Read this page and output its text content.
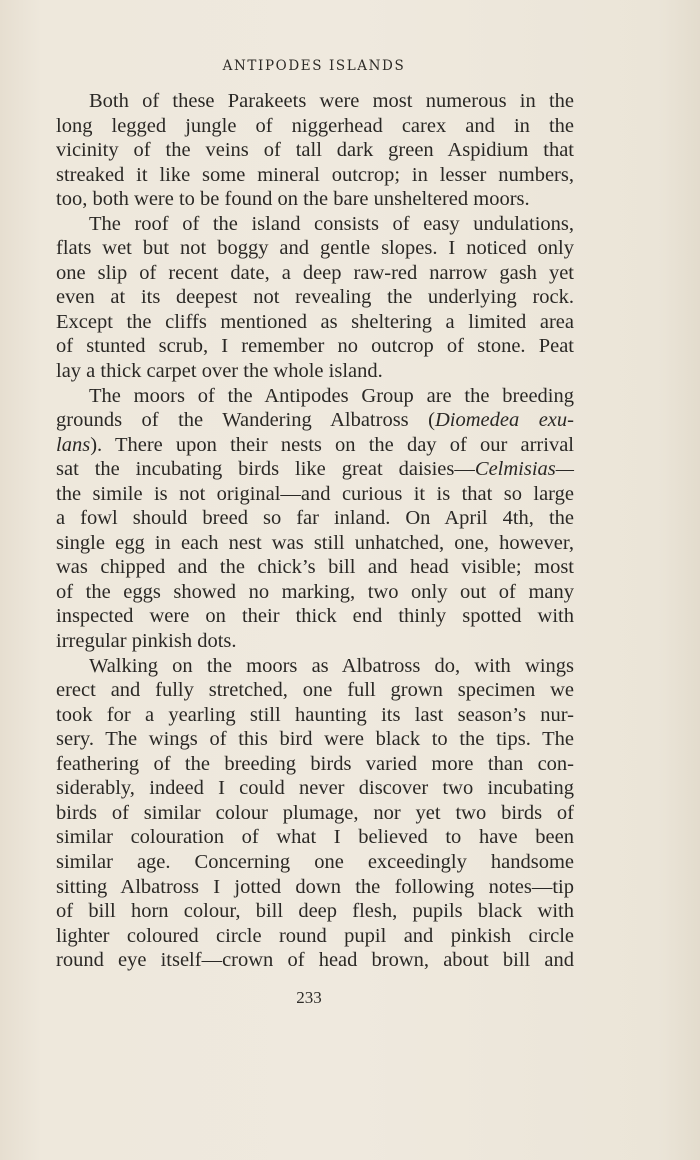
ANTIPODES ISLANDS
Both of these Parakeets were most numerous in the
long legged jungle of niggerhead carex and in the
vicinity of the veins of tall dark green Aspidium that
streaked it like some mineral outcrop; in lesser numbers,
too, both were to be found on the bare unsheltered moors.
The roof of the island consists of easy undulations,
flats wet but not boggy and gentle slopes. I noticed only
one slip of recent date, a deep raw-red narrow gash yet
even at its deepest not revealing the underlying rock.
Except the cliffs mentioned as sheltering a limited area
of stunted scrub, I remember no outcrop of stone. Peat
lay a thick carpet over the whole island.
The moors of the Antipodes Group are the breeding
grounds of the Wandering Albatross (Diomedea exu-
lans). There upon their nests on the day of our arrival
sat the incubating birds like great daisies—Celmisias—
the simile is not original—and curious it is that so large
a fowl should breed so far inland. On April 4th, the
single egg in each nest was still unhatched, one, however,
was chipped and the chick’s bill and head visible; most
of the eggs showed no marking, two only out of many
inspected were on their thick end thinly spotted with
irregular pinkish dots.
Walking on the moors as Albatross do, with wings
erect and fully stretched, one full grown specimen we
took for a yearling still haunting its last season’s nur-
sery. The wings of this bird were black to the tips. The
feathering of the breeding birds varied more than con-
siderably, indeed I could never discover two incubating
birds of similar colour plumage, nor yet two birds of
similar colouration of what I believed to have been
similar age. Concerning one exceedingly handsome
sitting Albatross I jotted down the following notes—tip
of bill horn colour, bill deep flesh, pupils black with
lighter coloured circle round pupil and pinkish circle
round eye itself—crown of head brown, about bill and
233
